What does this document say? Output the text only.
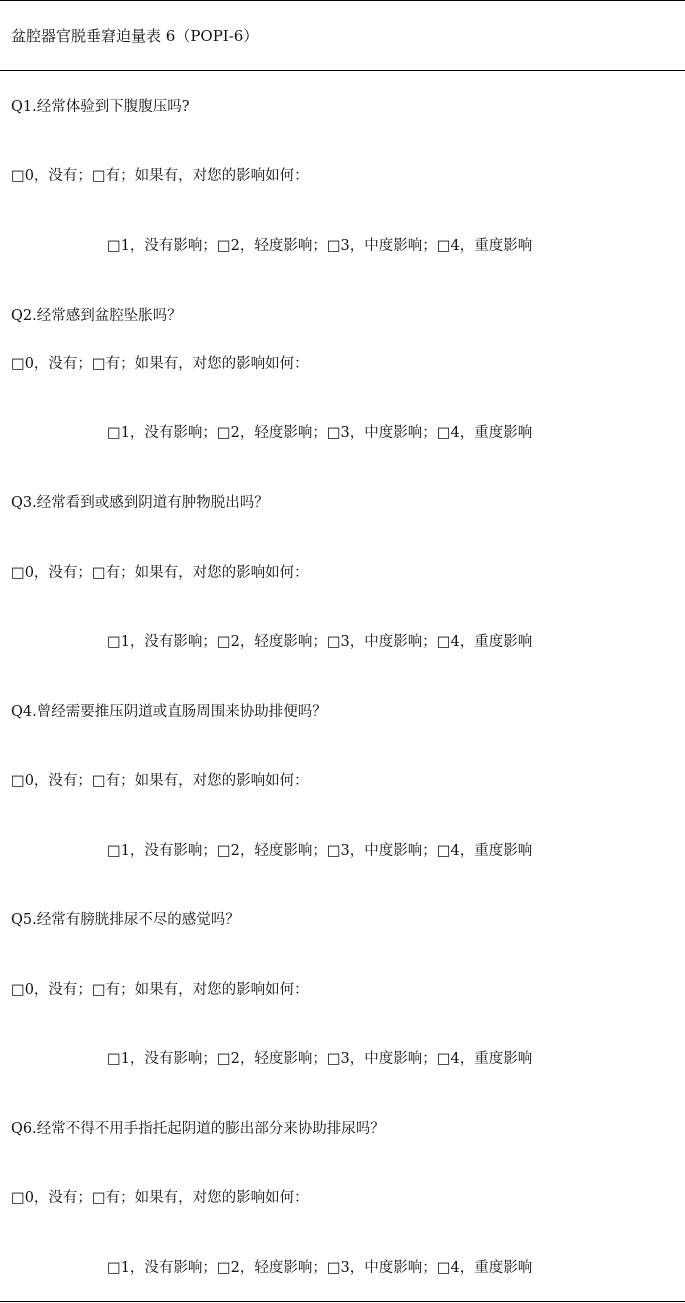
盆腔器官脱垂窘迫量表 6（POPI-6）
Q1.经常体验到下腹腹压吗?
□0，没有；□有；如果有，对您的影响如何：
□1，没有影响；□2，轻度影响；□3，中度影响；□4，重度影响
Q2.经常感到盆腔坠胀吗？
□0，没有；□有；如果有，对您的影响如何：
□1，没有影响；□2，轻度影响；□3，中度影响；□4，重度影响
Q3.经常看到或感到阴道有肿物脱出吗？
□0，没有；□有；如果有，对您的影响如何：
□1，没有影响；□2，轻度影响；□3，中度影响；□4，重度影响
Q4.曾经需要推压阴道或直肠周围来协助排便吗？
□0，没有；□有；如果有，对您的影响如何：
□1，没有影响；□2，轻度影响；□3，中度影响；□4，重度影响
Q5.经常有膀胱排尿不尽的感觉吗？
□0，没有；□有；如果有，对您的影响如何：
□1，没有影响；□2，轻度影响；□3，中度影响；□4，重度影响
Q6.经常不得不用手指托起阴道的膨出部分来协助排尿吗？
□0，没有；□有；如果有，对您的影响如何：
□1，没有影响；□2，轻度影响；□3，中度影响；□4，重度影响
